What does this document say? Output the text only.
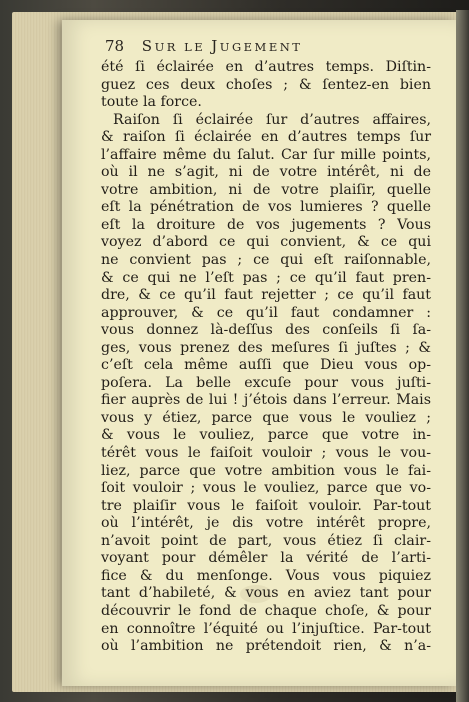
78 SUR LE JUGEMENT
été ſi éclairée en d’autres temps. Diſtin-
guez ces deux choſes ; & ſentez-en bien
toute la force.
Raiſon ſi éclairée ſur d’autres affaires,
& raiſon ſi éclairée en d’autres temps ſur
l’affaire même du ſalut. Car ſur mille points,
où il ne s’agit, ni de votre intérêt, ni de
votre ambition, ni de votre plaiſir, quelle
eſt la pénétration de vos lumieres ? quelle
eſt la droiture de vos jugements ? Vous
voyez d’abord ce qui convient, & ce qui
ne convient pas ; ce qui eſt raiſonnable,
& ce qui ne l’eſt pas ; ce qu’il faut pren-
dre, & ce qu’il faut rejetter ; ce qu’il faut
approuver, & ce qu’il faut condamner :
vous donnez là-deſſus des conſeils ſi ſa-
ges, vous prenez des meſures ſi juſtes ; &
c’eſt cela même auſſi que Dieu vous op-
poſera. La belle excuſe pour vous juſti-
fier auprès de lui ! j’étois dans l’erreur. Mais
vous y étiez, parce que vous le vouliez ;
& vous le vouliez, parce que votre in-
térêt vous le faiſoit vouloir ; vous le vou-
liez, parce que votre ambition vous le fai-
ſoit vouloir ; vous le vouliez, parce que vo-
tre plaiſir vous le faiſoit vouloir. Par-tout
où l’intérêt, je dis votre intérêt propre,
n’avoit point de part, vous étiez ſi clair-
voyant pour démêler la vérité de l’arti-
fice & du menſonge. Vous vous piquiez
tant d’habileté, & vous en aviez tant pour
découvrir le fond de chaque choſe, & pour
en connoître l’équité ou l’injuſtice. Par-tout
où l’ambition ne prétendoit rien, & n’a-
